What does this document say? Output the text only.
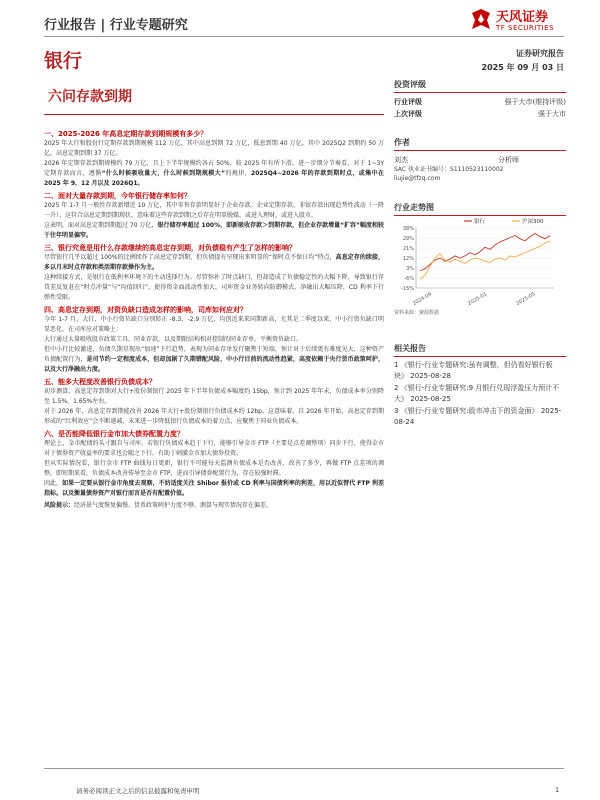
行业报告 | 行业专题研究
天风证券
TF SECURITIES
银行	证券研究报告
2025 年 09 月 03 日
六问存款到期
一、2025-2026 年高息定期存款到期规模有多少？

2025 年大行和股份行定期存款到期规模 112 万亿，其中高息到期 72 万亿，低息到期 40 万亿。其中 2025Q2 到期约 50 万亿，高息定期到期 37 万亿。

2026 年定期存款到期规模约 79 万亿，且上下半年规模约各占 50%，较 2025 年有所下滑。进一步细分节奏看，对于 1~3Y 定期存款而言，遵循“什么时候吸收量大，什么时候到期规模大”的规律，2025Q4~2026 年的存款到期时点，或集中在 2025 年 9、12 月以及 2026Q1。

二、面对大量存款到期，今年银行储存率如何？

2025 年 1-7 月一般性存款新增近 10 万亿，其中零售存款明显好于企业存款。企业定期存款、非银存款出现趋势性波动（一降一升）。这符合高息定期到期现状，意味着这些存款到期之后存在明显脱媒，或进入理财，或进入股市。

这表明，面对高息定期到期超过 70 万亿，银行储存率超过 100%，即新吸收存款＞到期存款，但企业存款增量“扩容”幅度相较于往年明显偏窄。

三、银行究竟是用什么存款继续的高息定存到期，对负债稳有产生了怎样的影响？

尽管银行几乎以超过 100%的比例续作了高息定存到期，但负债提有呈现出来明显的“保时点不保日均”特点，高息定存的续接，多以月末时点存款和类活期存款操作为主。

这种续接方式，是银行在低利率环境下的主动选择行为。尽管弥补了时点缺口，但却造成了负债稳定性的大幅下降，导致银行存贷差反复赶在“时点冲量”与“均值回归”，使得资金面波动性加大，司库资金业务转向防御模式，净融出大幅压降，CD 利率下行弹性受限。

四、高息定存到期，对资负缺口造成怎样的影响，司库如何应对？

今年 1-7 月，大行、中小行资负缺口分别转正 -8.3、-2.9 万亿，均创近来来同期新高，尤其是二季度以来，中小行资负缺口明显恶化，在司库应对策略上：

大行通过大量吸收股市政策工具，同业存款，以及期限结构相对控制的同业存单，平衡资负缺口。

但中小行比较激进，负债久期星现出“加速”下行趋势，表现为同业存单发行聚焦于短端，预计对于后续更有难度见大，这种资产负债配置行为，是司节约一定程度成本，但却加剧了久期错配风险，中小行目前的流动性趋紧，高度依赖于央行货币政策呵护，以及大行净融出力度。

五、能多大程度改善银行负债成本？

初步测算，高息定存到期对大行+股份制银行 2025 年下半年负债成本幅度约 15bp，预计到 2025 年年末，负债成本率分别降至 1.5%、1.65%左右。

对于 2026 年，高息定存到期能改善 2026 年大行+股份制银行负债成本约 12bp。这意味着，自 2026 年开始，高息定存到期形成的“红利效应”会不断递减，未来进一步降低银行负债成本的着力点，应聚焦于同业负债成本。

六、是否能降低银行金市加大债券配置力度？

理论上，金市配债的头寸跟自与司库。若银行负债成本趋于下行，能够引导金市 FTP（主要是点差调整项）同步下行，使得金市对于债券资产收益率的要求也会随之下行，有助于刺激金市加大债券投资。

但从实际情况看，银行金市 FTP 曲线每日更新，银行不可能每天监测负债成本是否改善、改善了多少，再做 FTP 点差项的调整。即短期来看，负债成本改善传导至金市 FTP，进而引导债券配置行为，存在较强时滞。

因此，如果一定要从银行金市角度去观察，不妨适度关注 Shibor 报价或 CD 利率与国债利率的利差，用以近似替代 FTP 利差指标。以及衡量债券资产对银行而言是否有配置价值。

风险提示：经济景气度恢复偏慢、货币政策呵护力度不够、测算与现实情况存在偏差。
投资评级
行业评级	强于大市(维持评级)
上次评级	强于大市
作者
刘杰	分析师
SAC 执业证书编号：S1110523110002
liujie@tfzq.com
行业走势图
38%
29%
21%
12%
3%
-6%
-15%
2024-09	2025-01	2025-05
银行	沪深300
资料来源：聚源数据
相关报告
1 《银行-行业专题研究:虽有调整，但仍看好银行板块》 2025-08-28
2 《银行-行业专题研究:9 月银行兑现浮盈压力预计不大》 2025-08-25
3 《银行-行业专题研究:股市冲击下的资金面》 2025-08-24
请务必阅读正文之后的信息披露和免责申明	1
